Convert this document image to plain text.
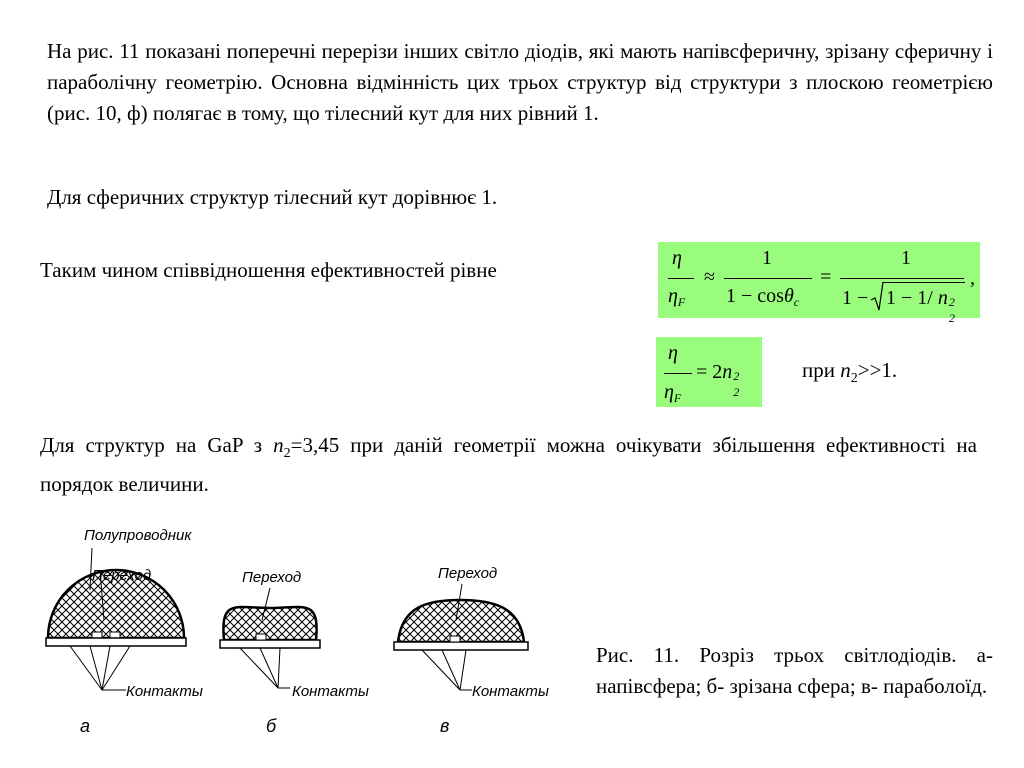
На рис. 11 показані поперечні перерізи інших світло діодів, які мають напівсферичну, зрізану сферичну і параболічну геометрію. Основна відмінність цих трьох структур від структури з плоскою геометрією (рис. 10, ф) полягає в тому, що тілесний кут для них рівний 1.
Для сферичних структур тілесний кут дорівнює 1.
Таким чином співвідношення ефективностей рівне	η
$\eta_F$
≈
1
1 − cosθ$_c$
=
1
1 − 1 − 1/ n 2
2
,
η
$\eta_F$
= 2n 2
2
при $n_2>>1$.
Для структур на GaP з $n_2=3,45$ при даній геометрії можна очікувати збільшення ефективності на порядок величини.
Полупроводник
Переход
Контакты
а
Переход
Контакты
б
Переход
Контакты
в
Рис. 11. Розріз трьох світлодіодів. а- напівсфера; б- зрізана сфера; в- параболоїд.
